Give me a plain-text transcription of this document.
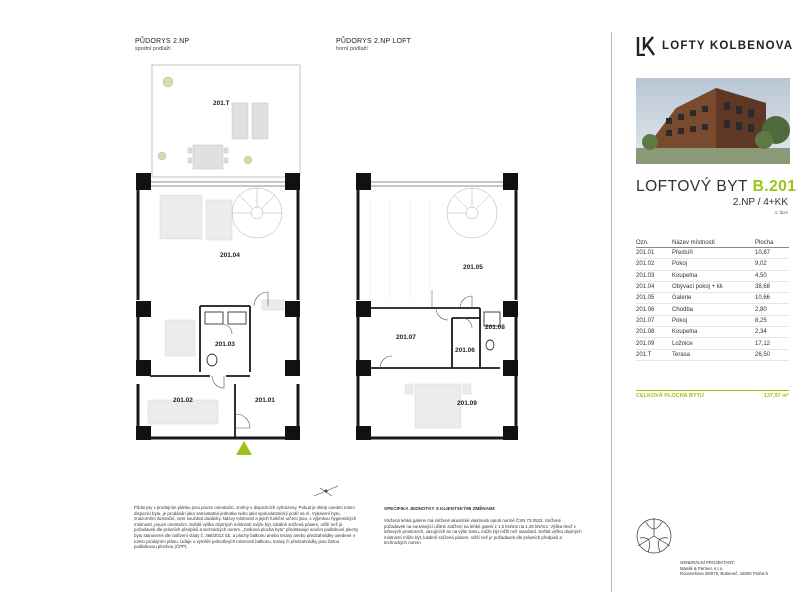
PŮDORYS 2.NP
spodní podlaží
201.T
201.04
201.03
201.02	201.01
PŮDORYS 2.NP LOFT
horní podlaží
201.05
201.07
201.08
201.06
201.09
LOFTY KOLBENOVA
LOFTOVÝ BYT B.201
2.NP / 4+KK
II. fáze
Ozn.	Název místnosti	Plocha
201.01	Předsíň	10,87
201.02	Pokoj	9,02
201.03	Koupelna	4,50
201.04	Obývací pokoj + kk	38,68
201.05	Galerie	10,66
201.06	Chodba	2,80
201.07	Pokoj	8,25
201.08	Koupelna	2,34
201.09	Ložnice	17,12
201.T	Terasa	26,50
CELKOVÁ PLOCHA BYTU	137,97 m²
Půdorysy v prodejním plánku jsou pouze orientační, změny v dispozicích vyhrazeny. Pokud je sklep uveden mimo dispozici bytu, je prodáván jako samostatná jednotka nebo jako spoluvlastnický podíl na ní. Vybavení bytu, znázornění ilustrační, není součástí dodávky. Názvy místností a jejich funkční určení jsou, s výjimkou hygienických místností, pouze orientační. Světlá výška obytných místností může být, lokálně snížená pásem, nižší než je požadavek dle právních předpisů a technických norem. „Celková plocha bytu“ představuje součet podlahové plochy bytu stanovené dle nařízení vlády č. 366/2013 Sb. a plochy balkonu anebo terasy anebo předzahrádky uvedené v tomto prodejním plánu. Údaje o výměře jednotlivých místností balkonu, terasy či předzahrádky jsou čistou podlahovou plochou (ČPP).
SPECIFIKA JEDNOTKY S KLIENTSKÝMI ZMĚNAMI:
Vložená lehká galerie má snížené akustické vlastnosti oproti normě ČSN 73 0532. Snížené požadavek na související užitné zatížení na lehké galerii z 1,5 kN/m2 na 1,25 kN/m2. Výška tlevž v loftových prostorech, vazujících se na výše tranu, může být nižší než standard. Světlá výška obytných místností může být, lokálně snížená pásem, nižší než je požadavek dle právních předpisů a technických norem
GENERÁLNÍ PROJEKTANT:
Masák & Partner, s.r.o.
Roosveltova 39/575, Bubeneč, 16000 Praha 6
